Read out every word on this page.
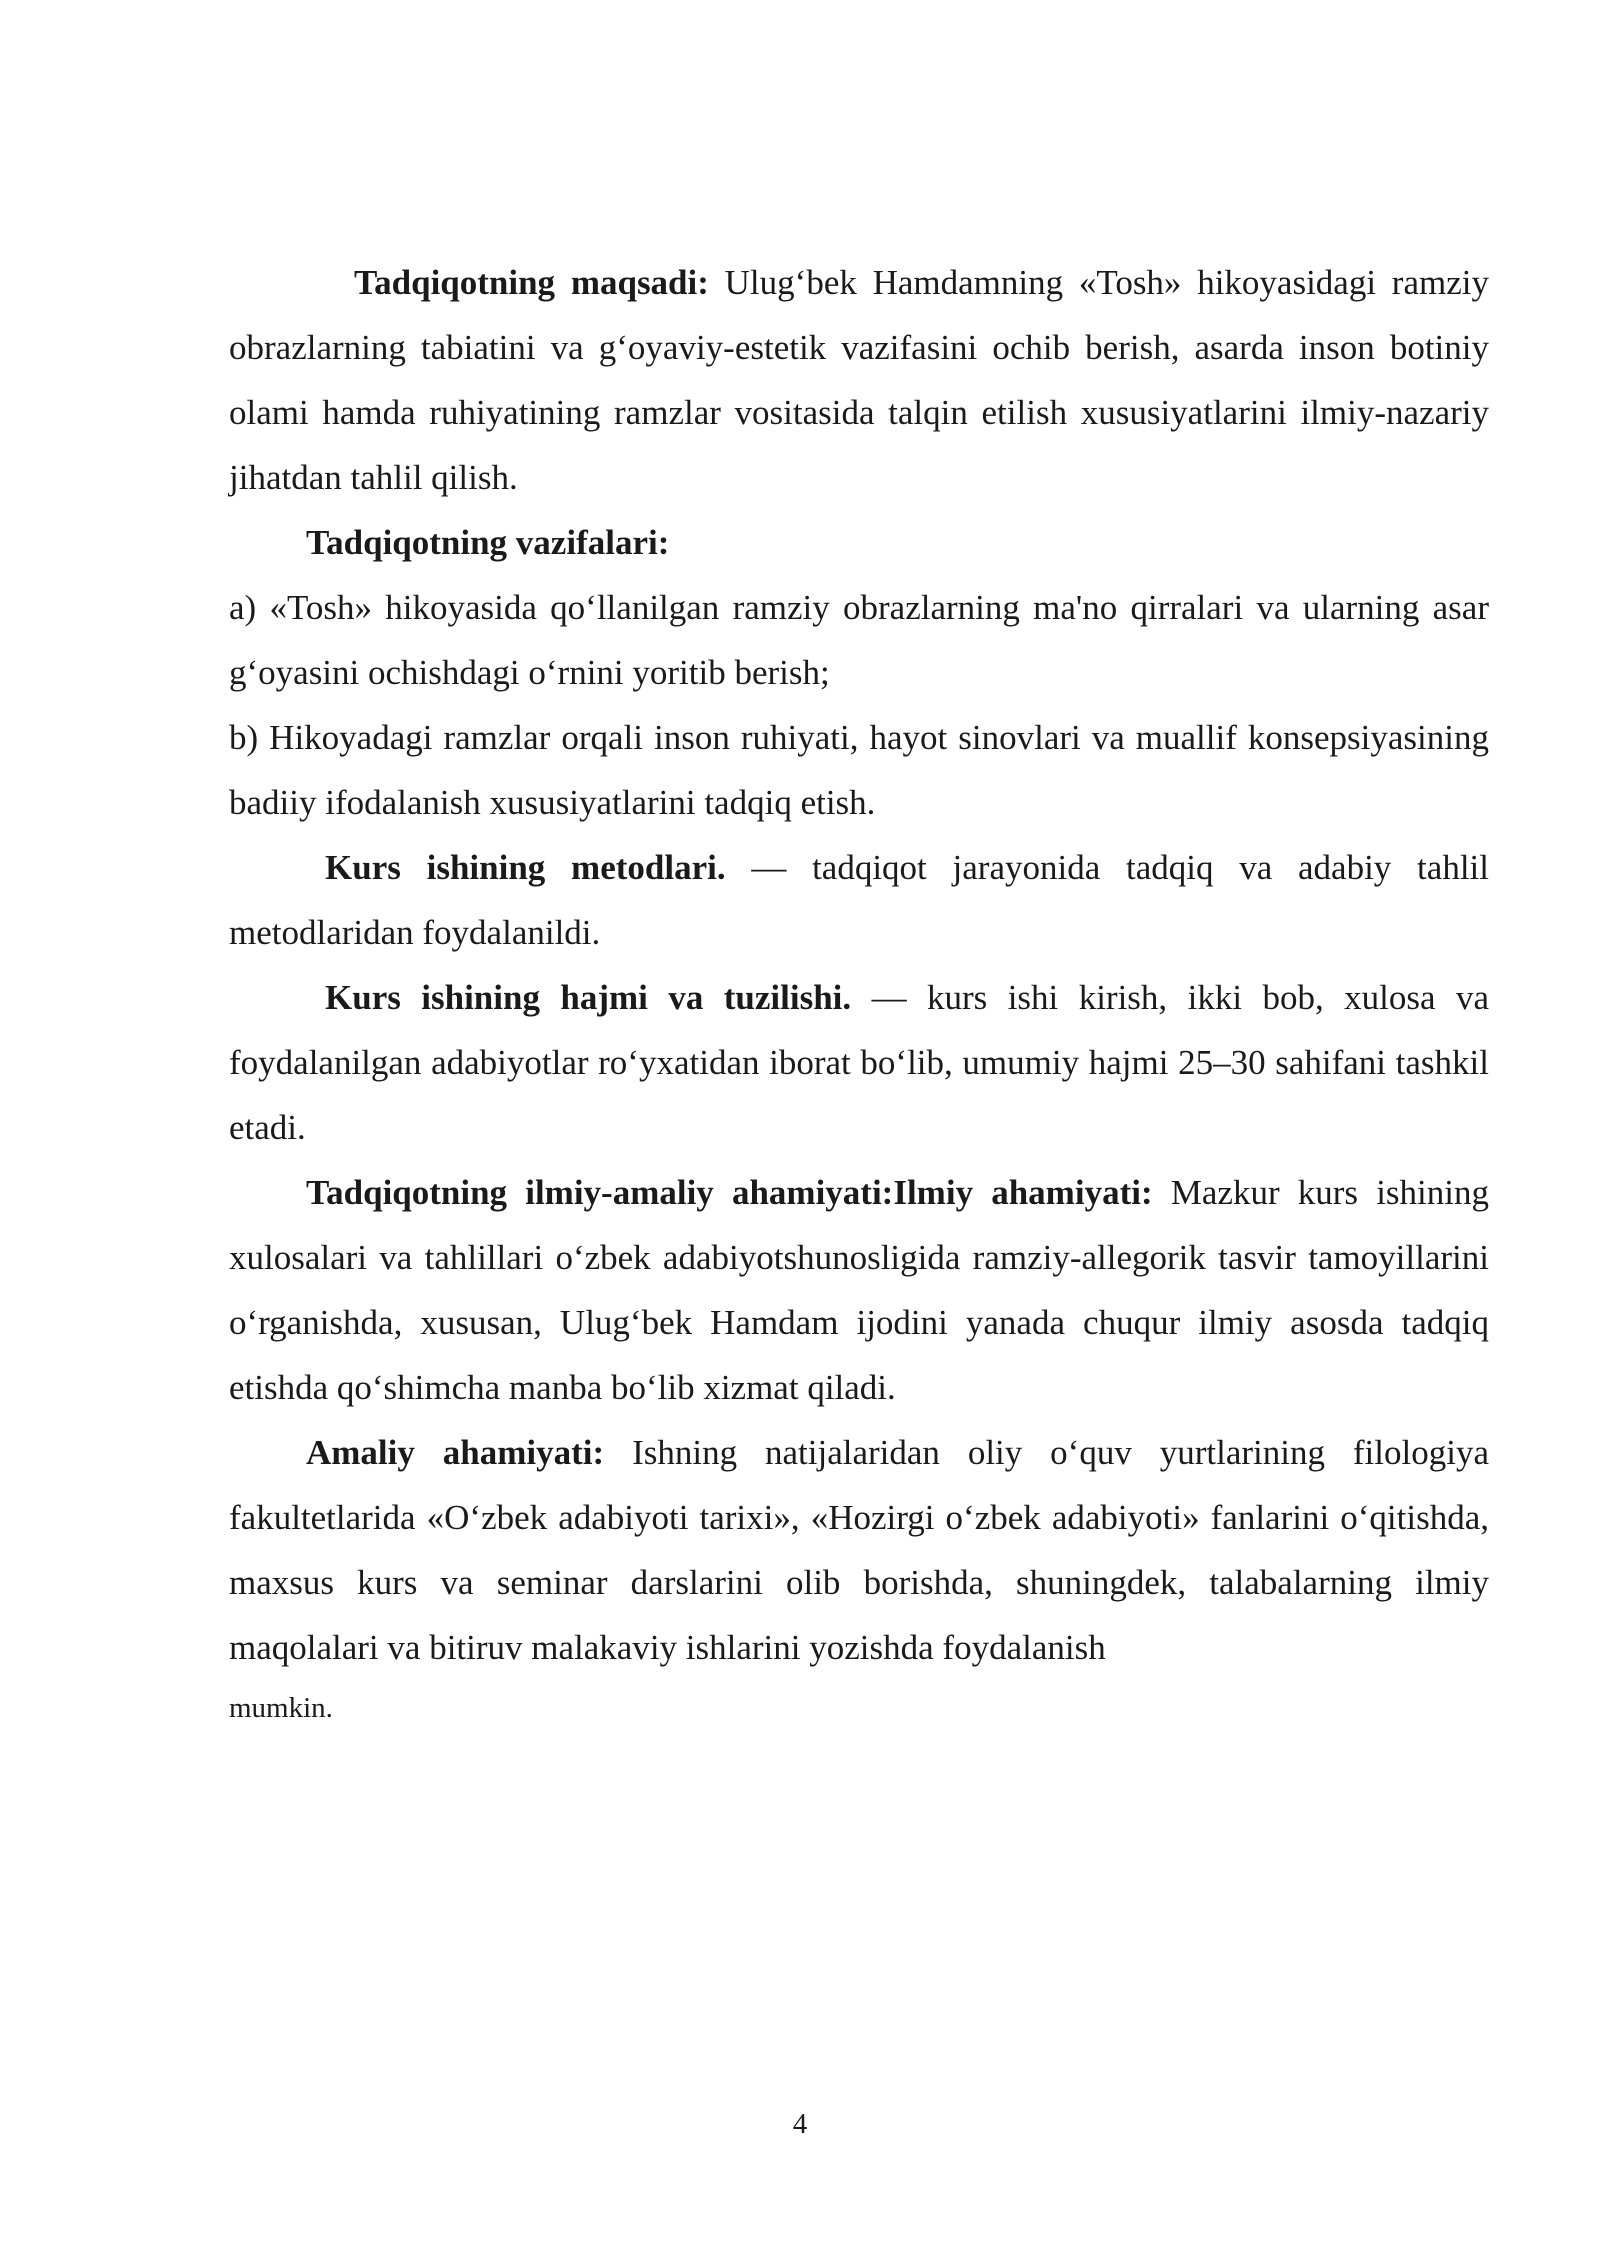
Tadqiqotning maqsadi: Ulug‘bek Hamdamning «Tosh» hikoyasidagi ramziy obrazlarning tabiatini va g‘oyaviy-estetik vazifasini ochib berish, asarda inson botiniy olami hamda ruhiyatining ramzlar vositasida talqin etilish xususiyatlarini ilmiy-nazariy jihatdan tahlil qilish.

Tadqiqotning vazifalari:

a) «Tosh» hikoyasida qo‘llanilgan ramziy obrazlarning ma'no qirralari va ularning asar g‘oyasini ochishdagi o‘rnini yoritib berish;

b) Hikoyadagi ramzlar orqali inson ruhiyati, hayot sinovlari va muallif konsepsiyasining badiiy ifodalanish xususiyatlarini tadqiq etish.

Kurs ishining metodlari. — tadqiqot jarayonida tadqiq va adabiy tahlil metodlaridan foydalanildi.

Kurs ishining hajmi va tuzilishi. — kurs ishi kirish, ikki bob, xulosa va foydalanilgan adabiyotlar ro‘yxatidan iborat bo‘lib, umumiy hajmi 25–30 sahifani tashkil etadi.

Tadqiqotning ilmiy-amaliy ahamiyati:Ilmiy ahamiyati: Mazkur kurs ishining xulosalari va tahlillari o‘zbek adabiyotshunosligida ramziy-allegorik tasvir tamoyillarini o‘rganishda, xususan, Ulug‘bek Hamdam ijodini yanada chuqur ilmiy asosda tadqiq etishda qo‘shimcha manba bo‘lib xizmat qiladi.

Amaliy ahamiyati: Ishning natijalaridan oliy o‘quv yurtlarining filologiya fakultetlarida «O‘zbek adabiyoti tarixi», «Hozirgi o‘zbek adabiyoti» fanlarini o‘qitishda, maxsus kurs va seminar darslarini olib borishda, shuningdek, talabalarning ilmiy maqolalari va bitiruv malakaviy ishlarini yozishda foydalanish

mumkin.

4
